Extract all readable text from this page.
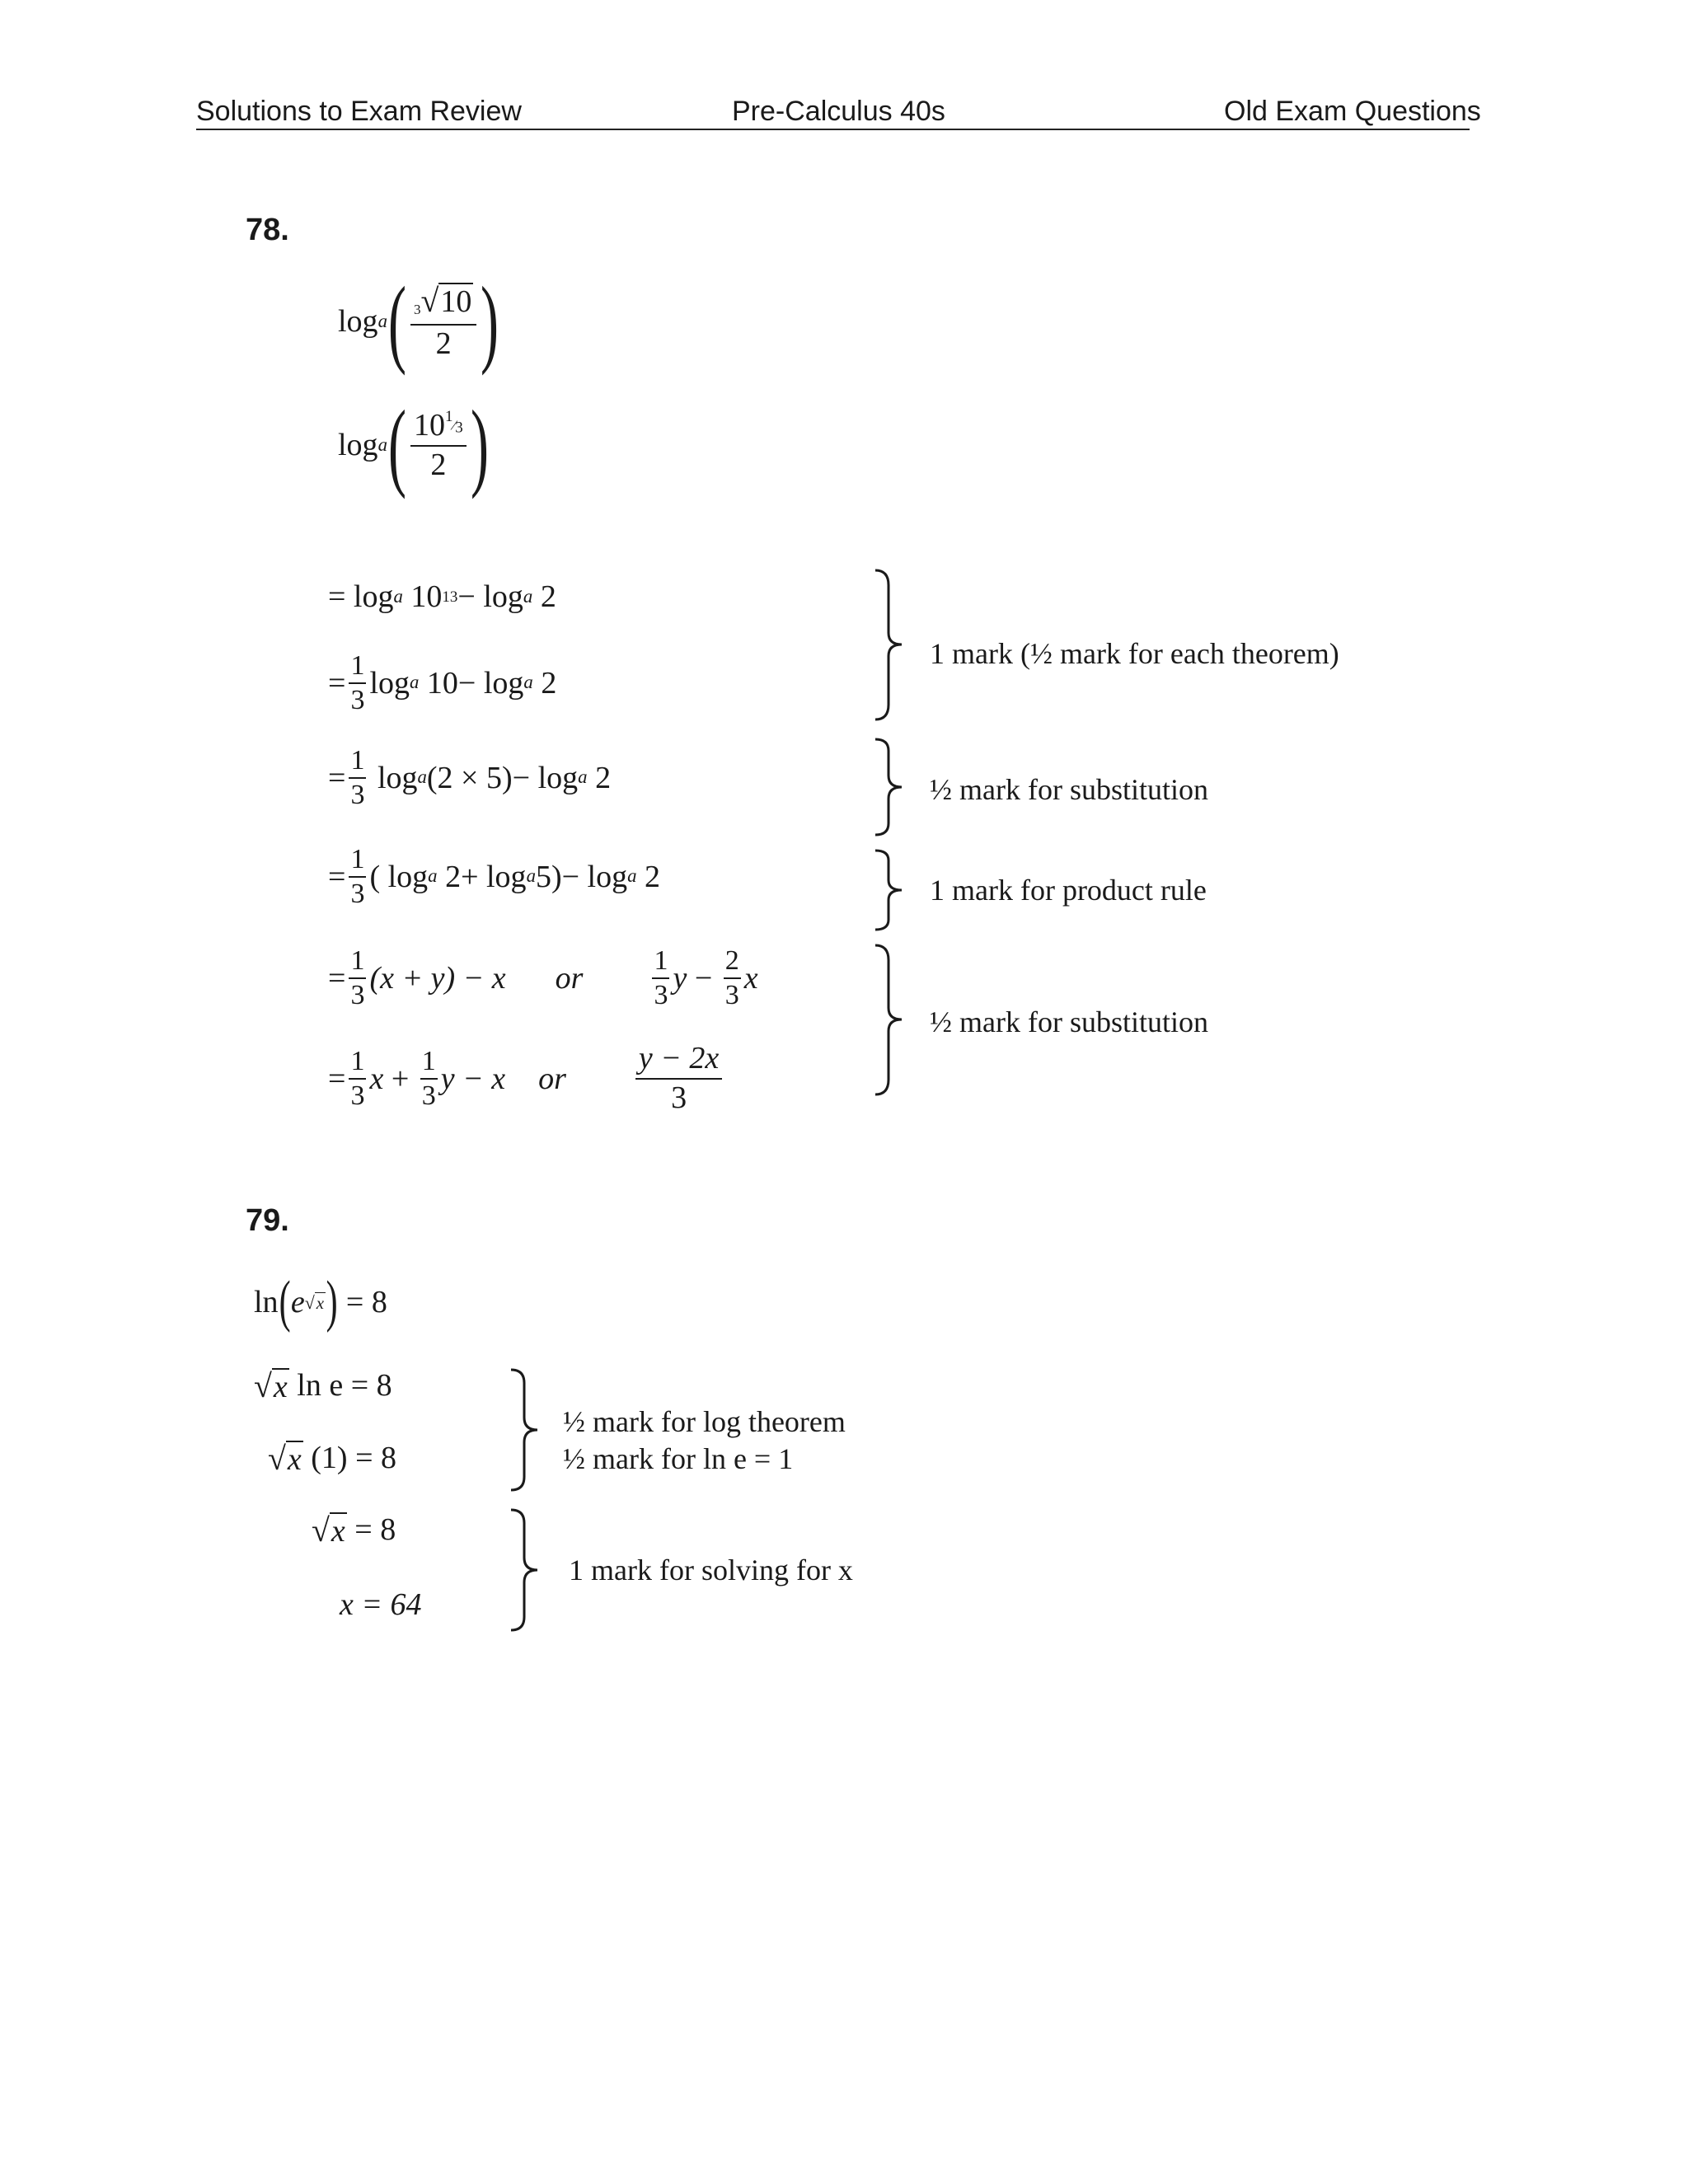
Solutions to Exam Review	Pre-Calculus 40s	Old Exam Questions
78.
log a ( $\frac{3 √ 10}{2}$ )
log a ( $\frac{10^1⁄3}{2}$ )
= log a
10 1 3 − log a
2
= $\frac{1}{3}$ log a
10 − log a
2
= $\frac{1}{3}$
log a (2 × 5) − log a
2
= $\frac{1}{3}$ ( log a
2 + log a 5) − log a
2
= $\frac{1}{3} (x + y) - x$ or $\frac{1}{3}$ y
−
$\frac{2}{3}$ x
= $\frac{1}{3}$ x
+
$\frac{1}{3}$ y − x or $\frac{y - 2x}{3}$
1 mark (½ mark for each theorem)
½ mark for substitution
1 mark for product rule
½ mark for substitution
79.
ln ( e √ x )
= 8
√ x
ln e = 8
√ x
(1) = 8
√ x
= 8
x = 64
½ mark for log theorem
½ mark for ln e = 1
1 mark for solving for x
